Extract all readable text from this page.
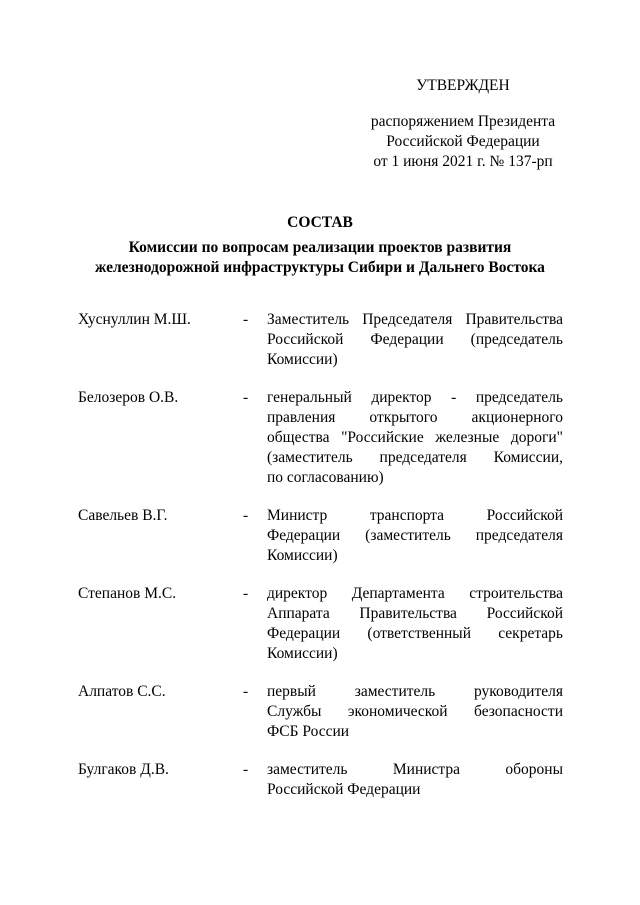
УТВЕРЖДЕН
распоряжением Президента
Российской Федерации
от 1 июня 2021 г. № 137-рп
СОСТАВ
Комиссии по вопросам реализации проектов развития
железнодорожной инфраструктуры Сибири и Дальнего Востока
Хуснуллин М.Ш.	- Заместитель Председателя Правительства
Российской Федерации (председатель
Комиссии)
Белозеров О.В.	- генеральный директор - председатель
правления открытого акционерного
общества "Российские железные дороги"
(заместитель председателя Комиссии,
по согласованию)
Савельев В.Г.	- Министр транспорта Российской
Федерации (заместитель председателя
Комиссии)
Степанов М.С.	- директор Департамента строительства
Аппарата Правительства Российской
Федерации (ответственный секретарь
Комиссии)
Алпатов С.С.	- первый заместитель руководителя
Службы экономической безопасности
ФСБ России
Булгаков Д.В.	- заместитель Министра обороны
Российской Федерации
